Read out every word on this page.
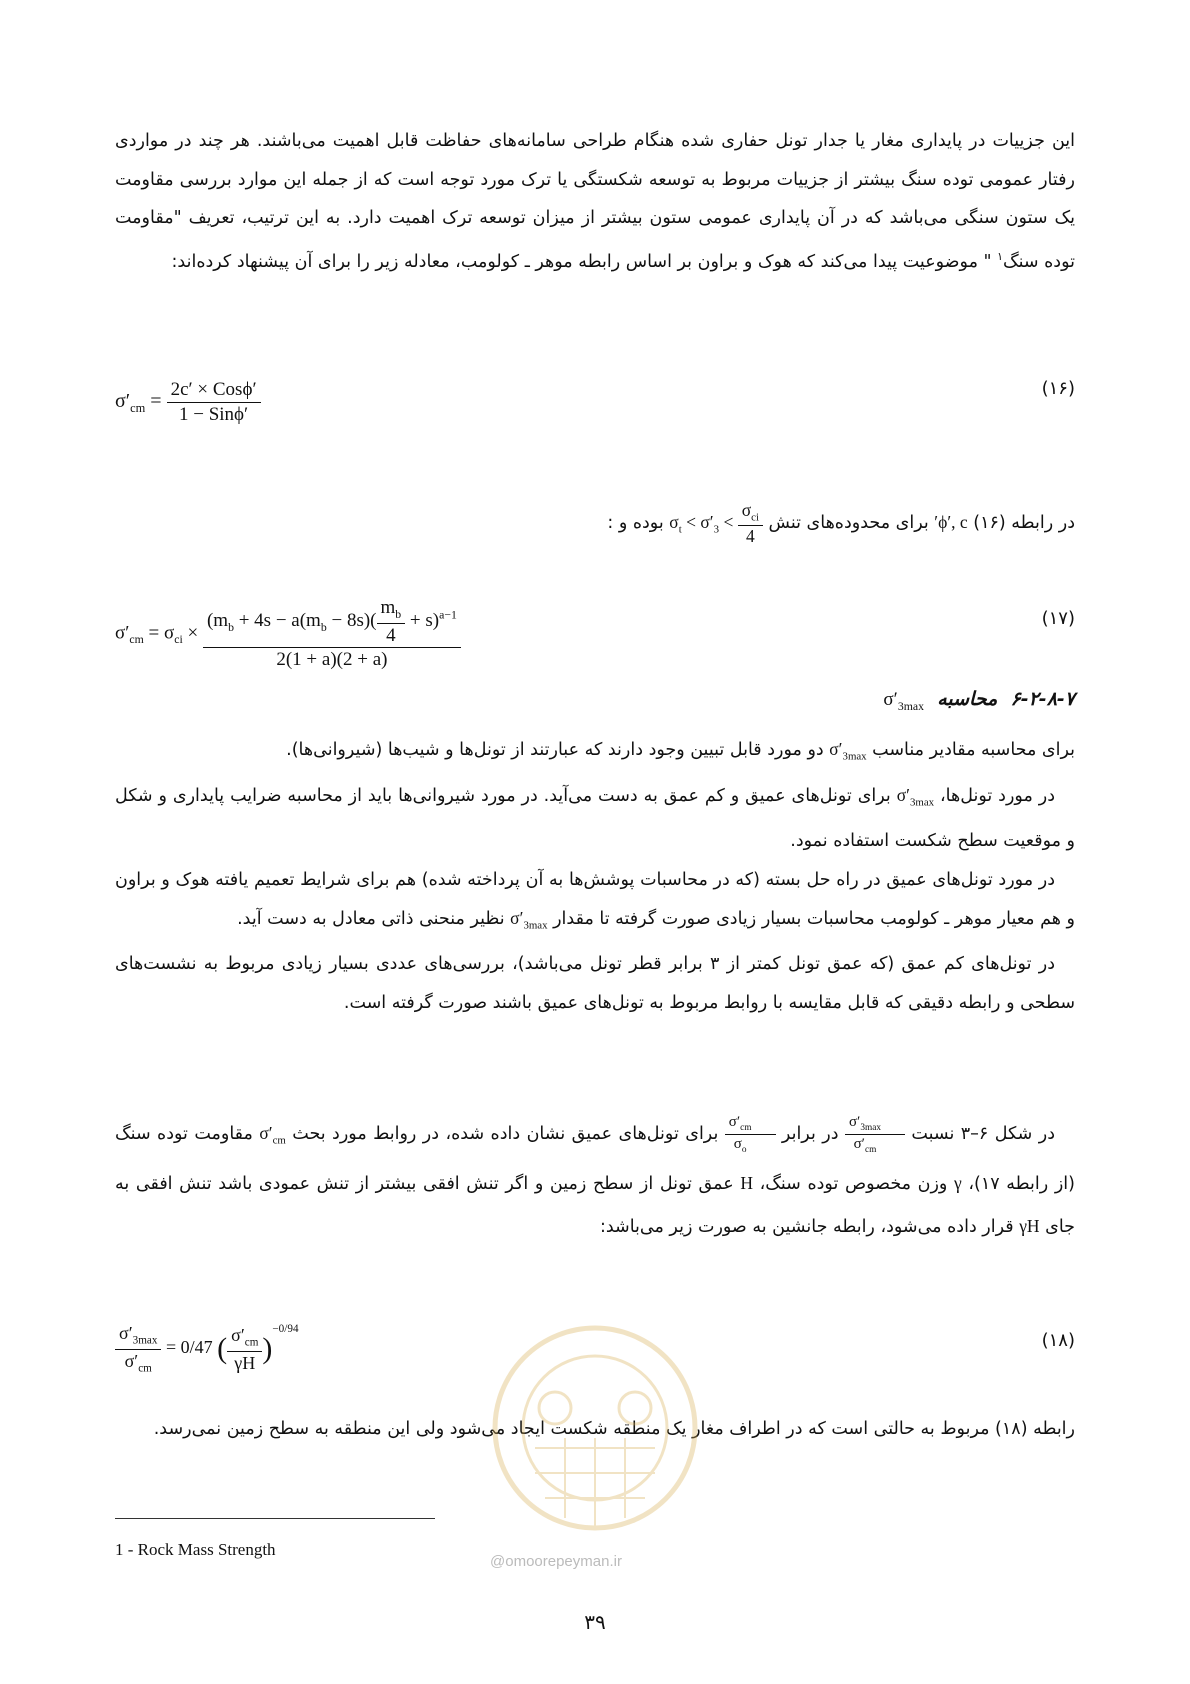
این جزییات در پایداری مغار یا جدار تونل حفاری شده هنگام طراحی سامانه‌های حفاظت قابل اهمیت می‌باشند. هر چند در مواردی رفتار عمومی توده سنگ بیشتر از جزییات مربوط به توسعه شکستگی یا ترک مورد توجه است که از جمله این موارد بررسی مقاومت یک ستون سنگی می‌باشد که در آن پایداری عمومی ستون بیشتر از میزان توسعه ترک اهمیت دارد. به این ترتیب، تعریف "مقاومت توده سنگ$^۱$ " موضوعیت پیدا می‌کند که هوک و براون بر اساس رابطه موهر ـ کولومب، معادله زیر را برای آن پیشنهاد کرده‌اند:

$\sigma'_{cm} = \frac{\text{2c′ × Cosϕ′}}{\text{1 − Sinϕ′}}$	(۱۶)

در رابطه (۱۶) ϕ′, c′ برای محدوده‌های تنش $\sigma_t < \sigma'_3 < \frac{\sigma_{ci}}{4}$
بوده و :

$\sigma'_{cm} = \sigma_{ci} \times \frac{(m_b + 4s - a(m_b - 8s)( \frac{m_b}{4} + s)^{a-1}}{2(1 + a)(2 + a)}$	(۱۷)
۶-۲-۸-۷  محاسبه  $\sigma'_{3max}$

برای محاسبه مقادیر مناسب $\sigma'_{3max}$ دو مورد قابل تبیین وجود دارند که عبارتند از تونل‌ها و شیب‌ها (شیروانی‌ها).

در مورد تونل‌ها، $\sigma'_{3max}$ برای تونل‌های عمیق و کم عمق به دست می‌آید. در مورد شیروانی‌ها باید از محاسبه ضرایب پایداری و شکل و موقعیت سطح شکست استفاده نمود.

در مورد تونل‌های عمیق در راه حل بسته (که در محاسبات پوشش‌ها به آن پرداخته شده) هم برای شرایط تعمیم یافته هوک و براون و هم معیار موهر ـ کولومب محاسبات بسیار زیادی صورت گرفته تا مقدار $\sigma'_{3max}$ نظیر منحنی ذاتی معادل به دست آید.

در تونل‌های کم عمق (که عمق تونل کمتر از ۳ برابر قطر تونل می‌باشد)، بررسی‌های عددی بسیار زیادی مربوط به نشست‌های سطحی و رابطه دقیقی که قابل مقایسه با روابط مربوط به تونل‌های عمیق باشند صورت گرفته است.

در شکل ۶–۳ نسبت
$\frac{\sigma'_{3max}}{\sigma'_{cm}}$
در برابر
$\frac{\sigma'_{cm}}{\sigma_o}$
برای تونل‌های عمیق نشان داده شده، در روابط مورد بحث $\sigma'_{cm}$ مقاومت توده سنگ (از رابطه ۱۷)، γ وزن مخصوص توده سنگ، H عمق تونل از سطح زمین و اگر تنش افقی بیشتر از تنش عمودی باشد تنش افقی به جای γH قرار داده می‌شود، رابطه جانشین به صورت زیر می‌باشد:

$\frac{\sigma'_{3max}}{\sigma'_{cm}} = 0/47$ ( $\frac{\sigma'_{cm}}{\gamma H} )^{-0/94}$
(۱۸)

رابطه (۱۸) مربوط به حالتی است که در اطراف مغار یک منطقه شکست ایجاد می‌شود ولی این منطقه به سطح زمین نمی‌رسد.

@omoorepeyman.ir
1 - Rock Mass Strength
۳۹
